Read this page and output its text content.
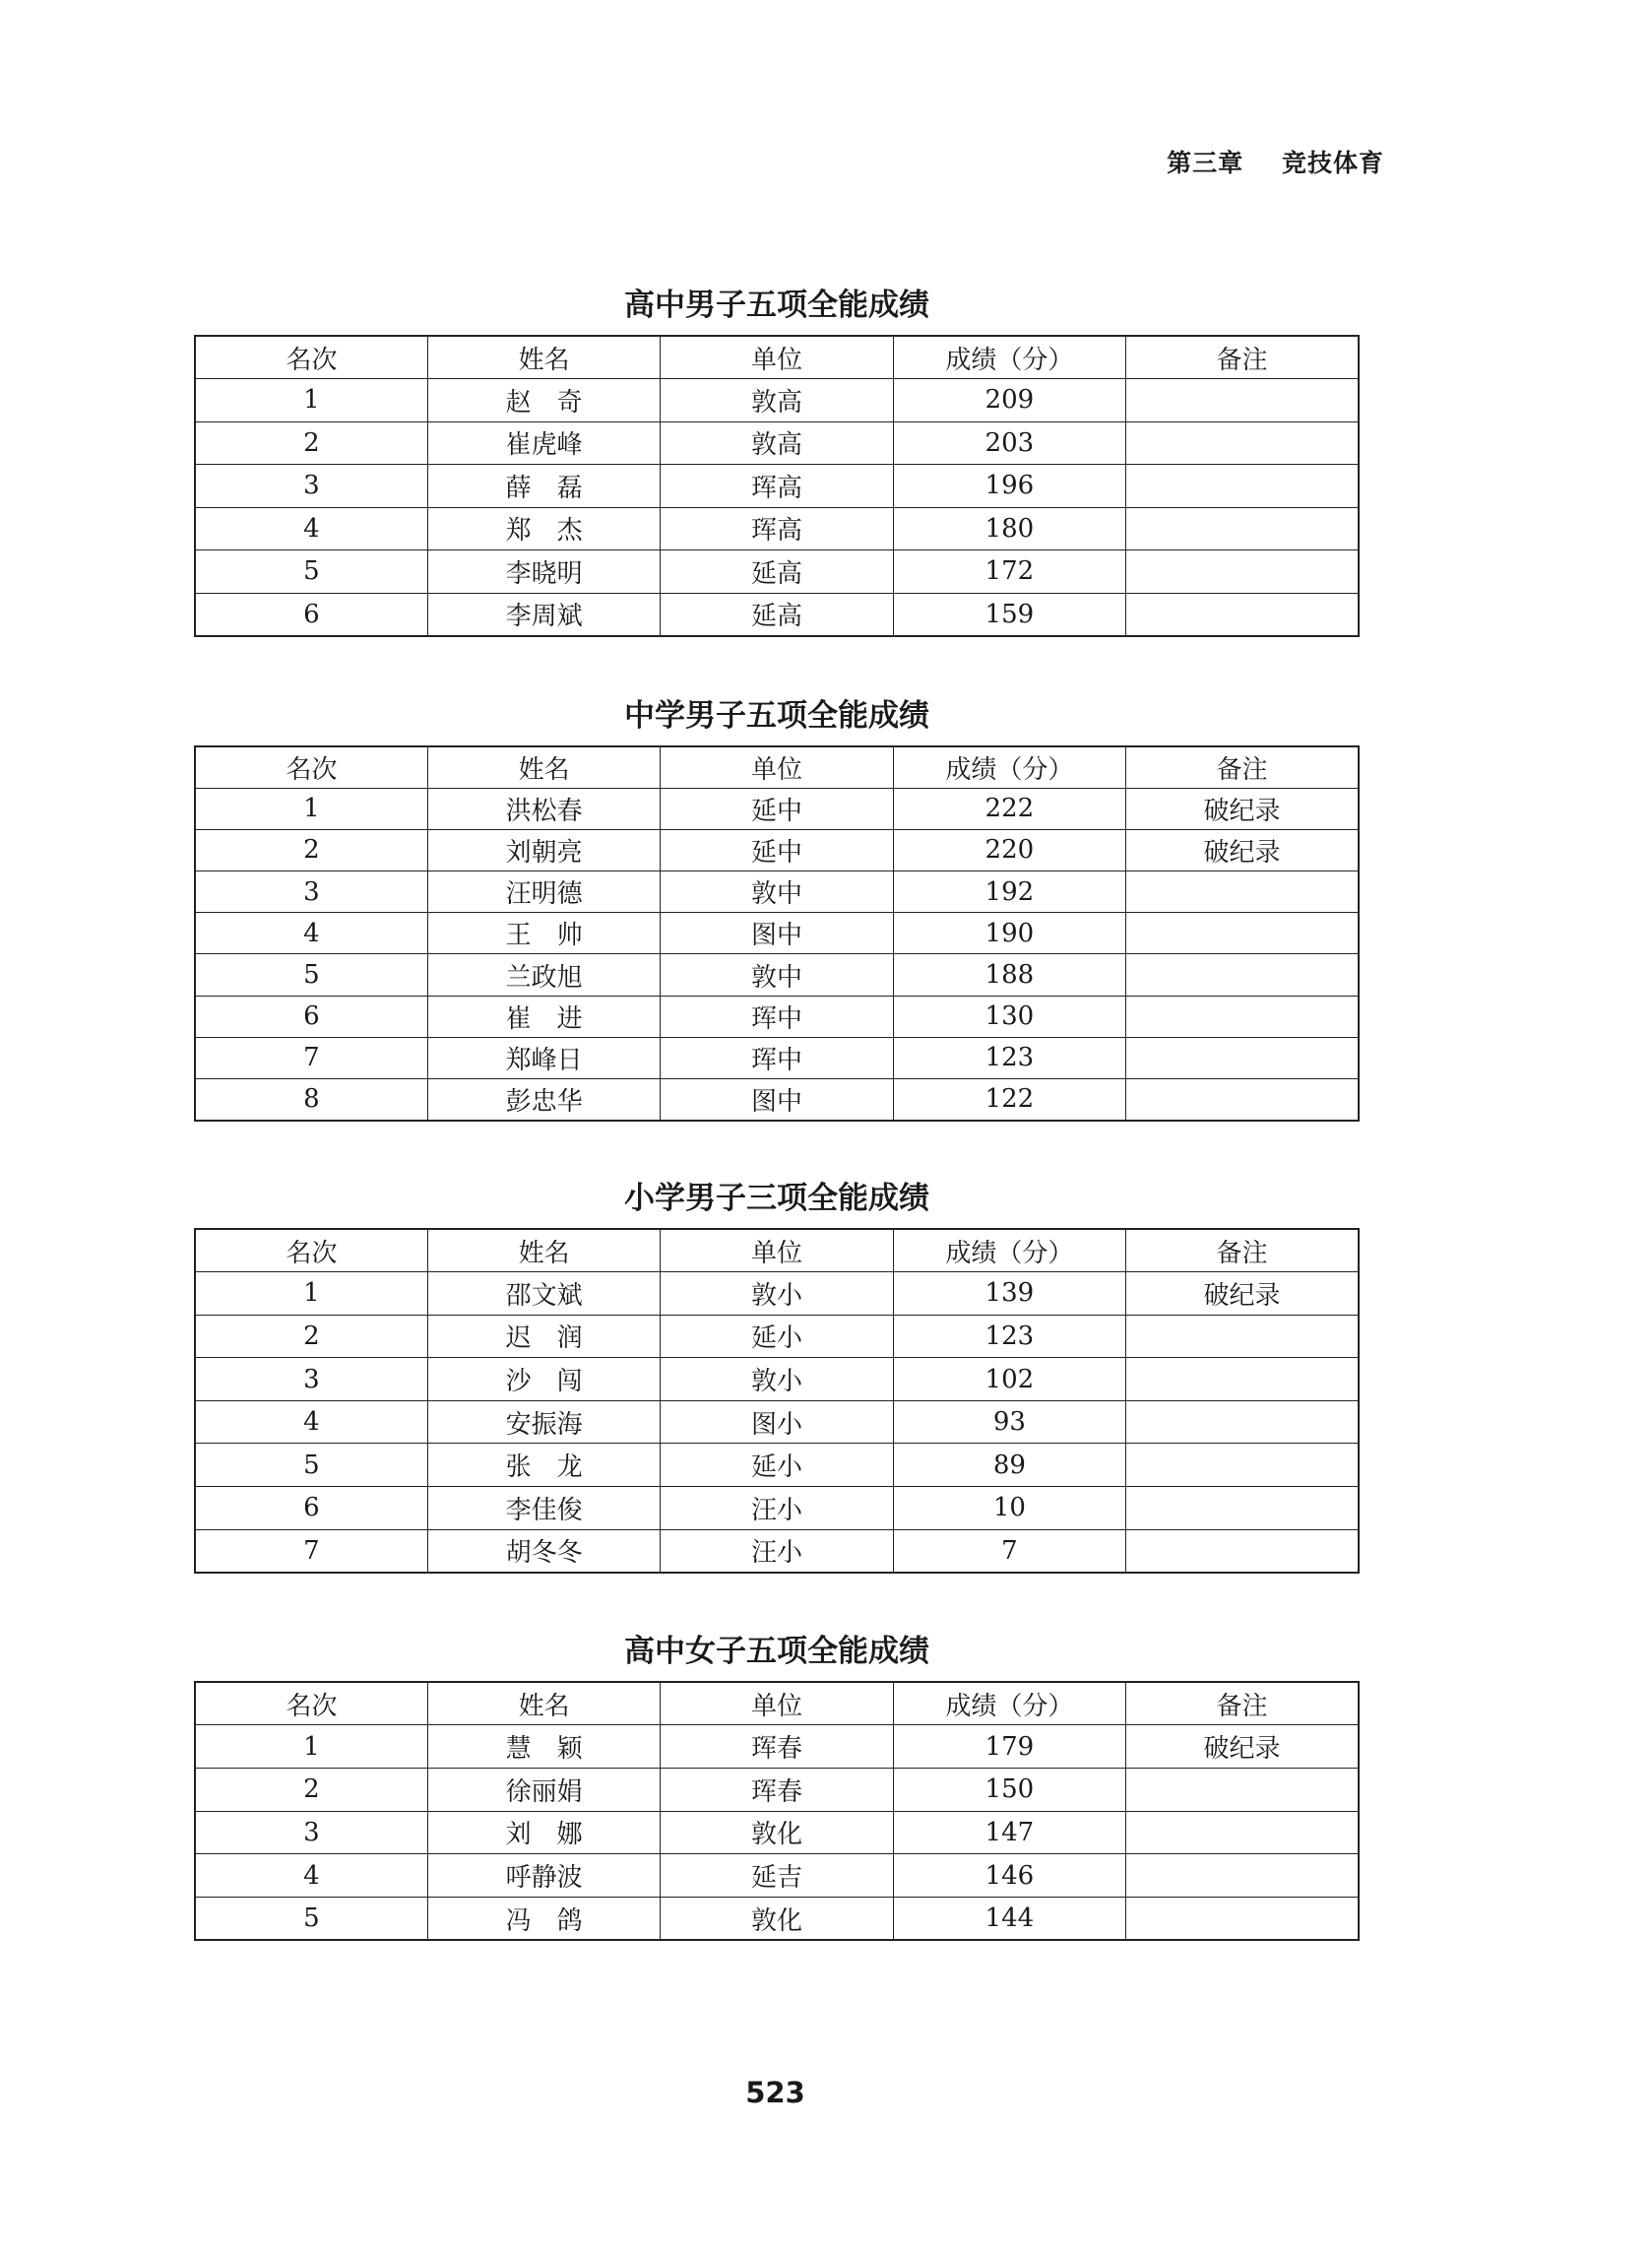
第三章    竞技体育
高中男子五项全能成绩
名次	姓名	单位	成绩（分）	备注
1	赵　奇	敦高	209	
2	崔虎峰	敦高	203	
3	薛　磊	珲高	196	
4	郑　杰	珲高	180	
5	李晓明	延高	172	
6	李周斌	延高	159	
中学男子五项全能成绩
名次	姓名	单位	成绩（分）	备注
1	洪松春	延中	222	破纪录
2	刘朝亮	延中	220	破纪录
3	汪明德	敦中	192	
4	王　帅	图中	190	
5	兰政旭	敦中	188	
6	崔　进	珲中	130	
7	郑峰日	珲中	123	
8	彭忠华	图中	122	
小学男子三项全能成绩
名次	姓名	单位	成绩（分）	备注
1	邵文斌	敦小	139	破纪录
2	迟　润	延小	123	
3	沙　闯	敦小	102	
4	安振海	图小	93	
5	张　龙	延小	89	
6	李佳俊	汪小	10	
7	胡冬冬	汪小	7	
高中女子五项全能成绩
名次	姓名	单位	成绩（分）	备注
1	慧　颖	珲春	179	破纪录
2	徐丽娟	珲春	150	
3	刘　娜	敦化	147	
4	呼静波	延吉	146	
5	冯　鸽	敦化	144	
523
